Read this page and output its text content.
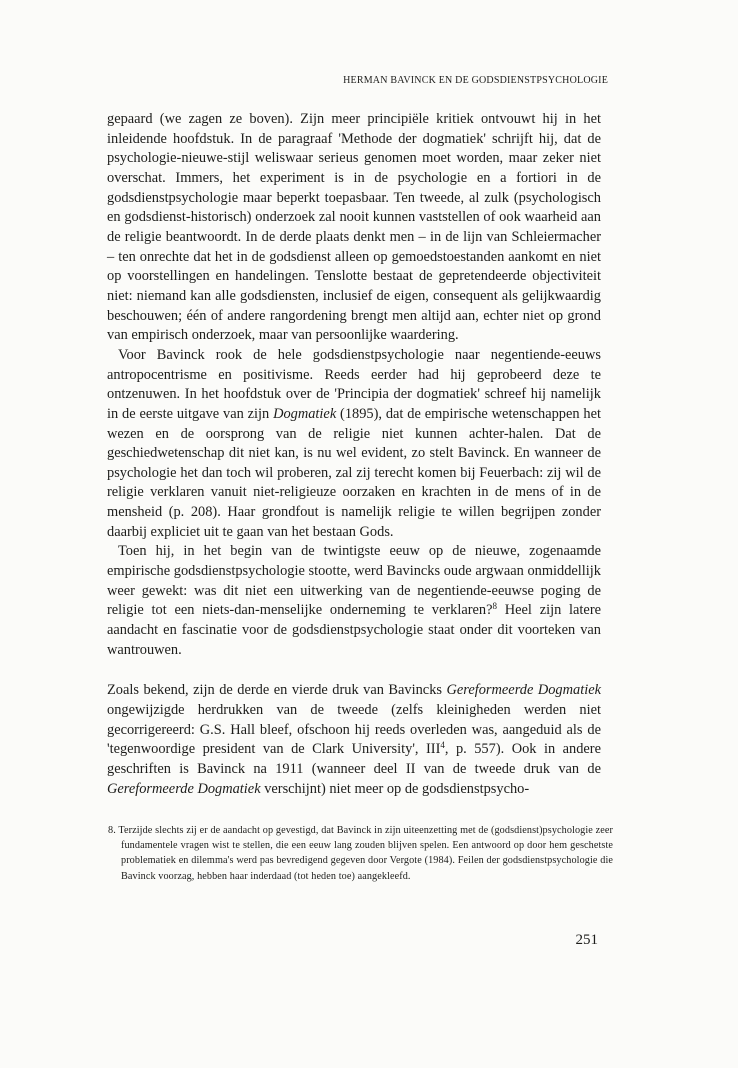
HERMAN BAVINCK EN DE GODSDIENSTPSYCHOLOGIE

gepaard (we zagen ze boven). Zijn meer principiële kritiek ontvouwt hij in het inleidende hoofdstuk. In de paragraaf 'Methode der dogmatiek' schrijft hij, dat de psychologie-nieuwe-stijl weliswaar serieus genomen moet worden, maar zeker niet overschat. Immers, het experiment is in de psychologie en a fortiori in de godsdienstpsychologie maar beperkt toepasbaar. Ten tweede, al zulk (psychologisch en godsdienst-historisch) onderzoek zal nooit kunnen vaststellen of ook waarheid aan de religie beantwoordt. In de derde plaats denkt men – in de lijn van Schleiermacher – ten onrechte dat het in de godsdienst alleen op gemoedstoestanden aankomt en niet op voorstellingen en handelingen. Tenslotte bestaat de gepretendeerde objectiviteit niet: niemand kan alle godsdiensten, inclusief de eigen, consequent als gelijkwaardig beschouwen; één of andere rangordening brengt men altijd aan, echter niet op grond van empirisch onderzoek, maar van persoonlijke waardering.

Voor Bavinck rook de hele godsdienstpsychologie naar negentiende-eeuws antropocentrisme en positivisme. Reeds eerder had hij geprobeerd deze te ontzenuwen. In het hoofdstuk over de 'Principia der dogmatiek' schreef hij namelijk in de eerste uitgave van zijn Dogmatiek (1895), dat de empirische wetenschappen het wezen en de oorsprong van de religie niet kunnen achter-halen. Dat de geschiedwetenschap dit niet kan, is nu wel evident, zo stelt Bavinck. En wanneer de psychologie het dan toch wil proberen, zal zij terecht komen bij Feuerbach: zij wil de religie verklaren vanuit niet-religieuze oorzaken en krachten in de mens of in de mensheid (p. 208). Haar grondfout is namelijk religie te willen begrijpen zonder daarbij expliciet uit te gaan van het bestaan Gods.

Toen hij, in het begin van de twintigste eeuw op de nieuwe, zogenaamde empirische godsdienstpsychologie stootte, werd Bavincks oude argwaan onmiddellijk weer gewekt: was dit niet een uitwerking van de negentiende-eeuwse poging de religie tot een niets-dan-menselijke onderneming te verklaren?$^8$ Heel zijn latere aandacht en fascinatie voor de godsdienstpsychologie staat onder dit voorteken van wantrouwen.

Zoals bekend, zijn de derde en vierde druk van Bavincks Gereformeerde Dogmatiek ongewijzigde herdrukken van de tweede (zelfs kleinigheden werden niet gecorrigereerd: G.S. Hall bleef, ofschoon hij reeds overleden was, aangeduid als de 'tegenwoordige president van de Clark University', III$^4$, p. 557). Ook in andere geschriften is Bavinck na 1911 (wanneer deel II van de tweede druk van de Gereformeerde Dogmatiek verschijnt) niet meer op de godsdienstpsycho-

8. Terzijde slechts zij er de aandacht op gevestigd, dat Bavinck in zijn uiteenzetting met de (godsdienst)psychologie zeer fundamentele vragen wist te stellen, die een eeuw lang zouden blijven spelen. Een antwoord op door hem geschetste problematiek en dilemma's werd pas bevredigend gegeven door Vergote (1984). Feilen der godsdienstpsychologie die Bavinck voorzag, hebben haar inderdaad (tot heden toe) aangekleefd.
251
